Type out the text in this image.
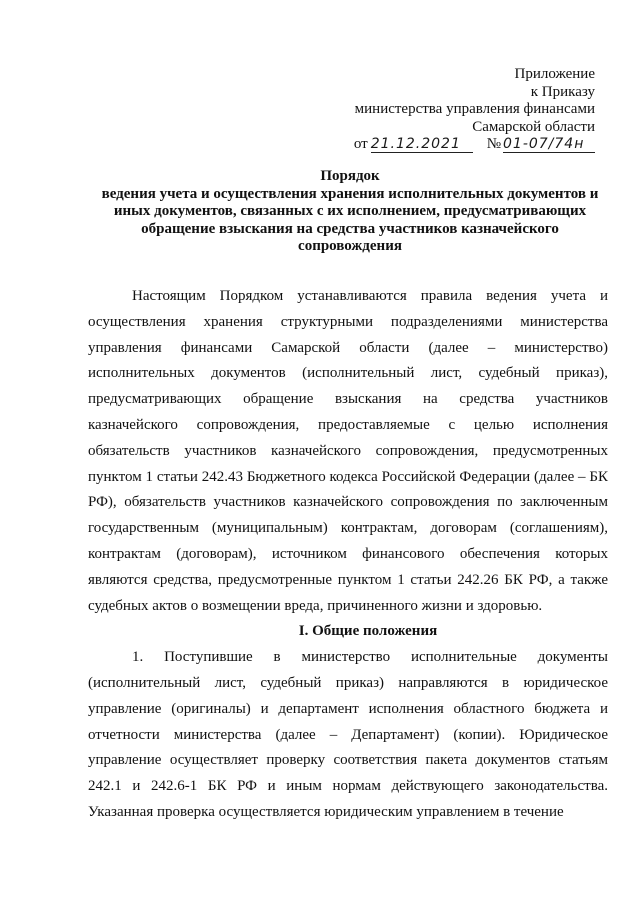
Приложение
к Приказу
министерства управления финансами
Самарской области
от 21.12.2021	№ 01-07/74н
Порядок
ведения учета и осуществления хранения исполнительных документов и
иных документов, связанных с их исполнением, предусматривающих
обращение взыскания на средства участников казначейского
сопровождения

Настоящим Порядком устанавливаются правила ведения учета и осуществления хранения структурными подразделениями министерства управления финансами Самарской области (далее – министерство) исполнительных документов (исполнительный лист, судебный приказ), предусматривающих обращение взыскания на средства участников казначейского сопровождения, предоставляемые с целью исполнения обязательств участников казначейского сопровождения, предусмотренных пунктом 1 статьи 242.43 Бюджетного кодекса Российской Федерации (далее – БК РФ), обязательств участников казначейского сопровождения по заключенным государственным (муниципальным) контрактам, договорам (соглашениям), контрактам (договорам), источником финансового обеспечения которых являются средства, предусмотренные пунктом 1 статьи 242.26 БК РФ, а также судебных актов о возмещении вреда, причиненного жизни и здоровью.

I. Общие положения

1. Поступившие в министерство исполнительные документы (исполнительный лист, судебный приказ) направляются в юридическое управление (оригиналы) и департамент исполнения областного бюджета и отчетности министерства (далее – Департамент) (копии). Юридическое управление осуществляет проверку соответствия пакета документов статьям 242.1 и 242.6-1 БК РФ и иным нормам действующего законодательства. Указанная проверка осуществляется юридическим управлением в течение
